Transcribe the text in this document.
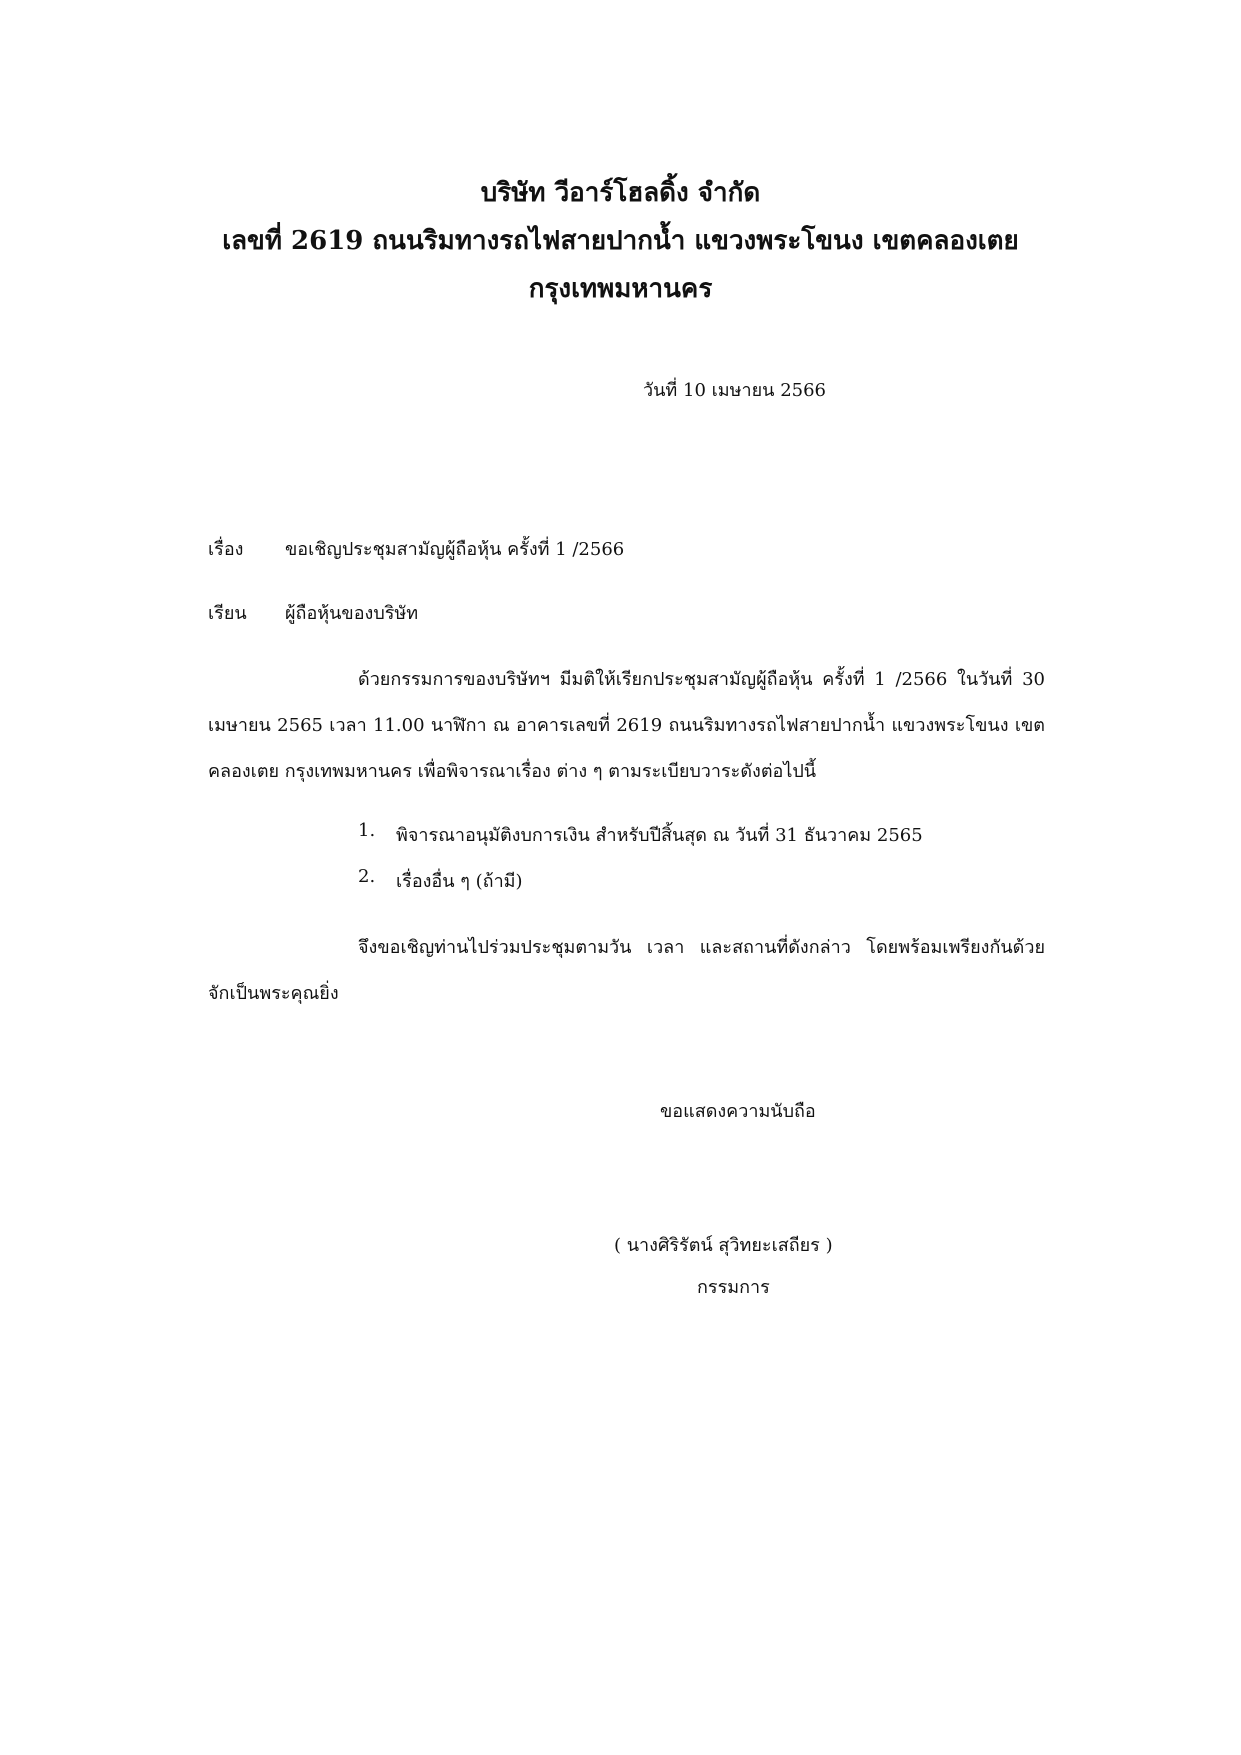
บริษัท วีอาร์โฮลดิ้ง จำกัด
เลขที่ 2619 ถนนริมทางรถไฟสายปากน้ำ แขวงพระโขนง เขตคลองเตย
กรุงเทพมหานคร
วันที่ 10 เมษายน 2566
เรื่อง ขอเชิญประชุมสามัญผู้ถือหุ้น ครั้งที่ 1 /2566
เรียน ผู้ถือหุ้นของบริษัท
ด้วยกรรมการของบริษัทฯ มีมติให้เรียกประชุมสามัญผู้ถือหุ้น ครั้งที่ 1 /2566 ในวันที่ 30
เมษายน 2565 เวลา 11.00 นาฬิกา ณ อาคารเลขที่ 2619 ถนนริมทางรถไฟสายปากน้ำ แขวงพระโขนง เขต
คลองเตย กรุงเทพมหานคร เพื่อพิจารณาเรื่อง ต่าง ๆ ตามระเบียบวาระดังต่อไปนี้
1. พิจารณาอนุมัติงบการเงิน สำหรับปีสิ้นสุด ณ วันที่ 31 ธันวาคม 2565
2. เรื่องอื่น ๆ (ถ้ามี)
จึงขอเชิญท่านไปร่วมประชุมตามวัน เวลา และสถานที่ดังกล่าว โดยพร้อมเพรียงกันด้วย
จักเป็นพระคุณยิ่ง
ขอแสดงความนับถือ
( นางศิริรัตน์ สุวิทยะเสถียร )
กรรมการ
